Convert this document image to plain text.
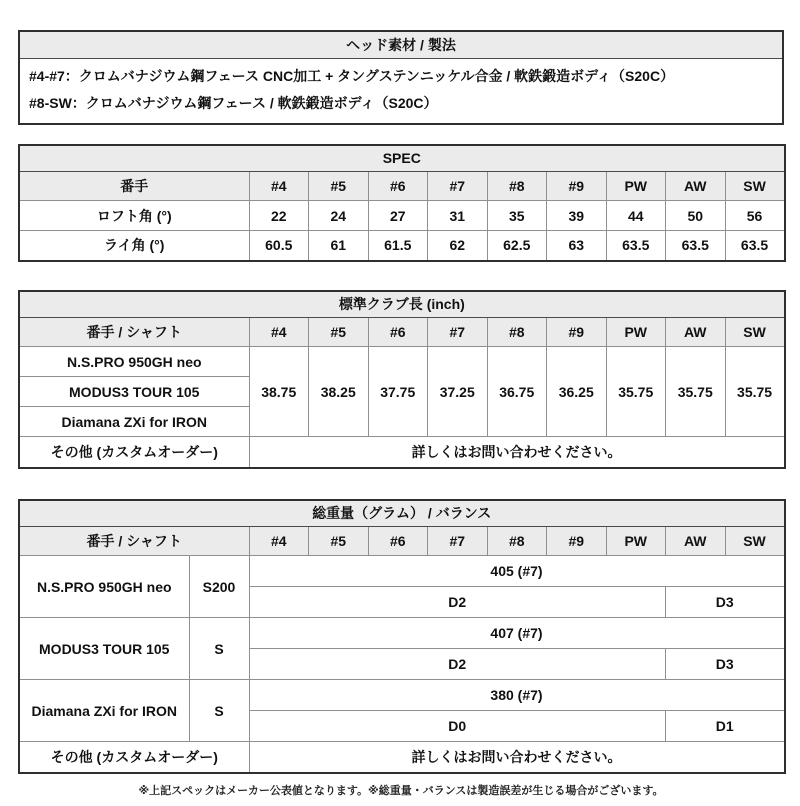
ヘッド素材 / 製法

#4-#7：クロムバナジウム鋼フェース CNC加工 + タングステンニッケル合金 / 軟鉄鍛造ボディ（S20C）
#8-SW：クロムバナジウム鋼フェース / 軟鉄鍛造ボディ（S20C）
SPEC									
番手	#4	#5	#6	#7	#8	#9	PW	AW	SW
ロフト角 (°)	22	24	27	31	35	39	44	50	56
ライ角 (°)	60.5	61	61.5	62	62.5	63	63.5	63.5	63.5
標準クラブ長 (inch)									
番手 / シャフト	#4	#5	#6	#7	#8	#9	PW	AW	SW
N.S.PRO 950GH neo	38.75	38.25	37.75	37.25	36.75	36.25	35.75	35.75	35.75
MODUS3 TOUR 105									
Diamana ZXi for IRON									
その他 (カスタムオーダー)	詳しくはお問い合わせください。								
総重量（グラム） / バランス										
番手 / シャフト		#4	#5	#6	#7	#8	#9	PW	AW	SW
N.S.PRO 950GH neo	S200	405 (#7)								
		D2							D3	
MODUS3 TOUR 105	S	407 (#7)								
		D2							D3	
Diamana ZXi for IRON	S	380 (#7)								
		D0							D1	
その他 (カスタムオーダー)		詳しくはお問い合わせください。								
※上記スペックはメーカー公表値となります。※総重量・バランスは製造誤差が生じる場合がございます。
